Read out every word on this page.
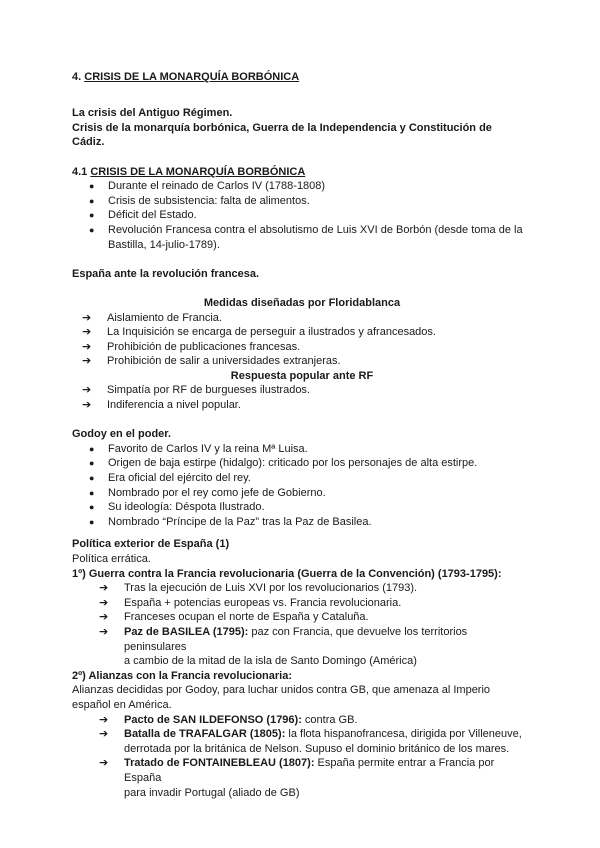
4. CRISIS DE LA MONARQUÍA BORBÓNICA
La crisis del Antiguo Régimen.
Crisis de la monarquía borbónica, Guerra de la Independencia y Constitución de
Cádiz.
4.1 CRISIS DE LA MONARQUÍA BORBÓNICA
● Durante el reinado de Carlos IV (1788-1808)
● Crisis de subsistencia: falta de alimentos.
● Déficit del Estado.
● Revolución Francesa contra el absolutismo de Luis XVI de Borbón (desde toma de la
Bastilla, 14-julio-1789).
España ante la revolución francesa.
Medidas diseñadas por Floridablanca
➔ Aislamiento de Francia.
➔ La Inquisición se encarga de perseguir a ilustrados y afrancesados.
➔ Prohibición de publicaciones francesas.
➔ Prohibición de salir a universidades extranjeras.
Respuesta popular ante RF
➔ Simpatía por RF de burgueses ilustrados.
➔ Indiferencia a nivel popular.
Godoy en el poder.
● Favorito de Carlos IV y la reina Mª Luisa.
● Origen de baja estirpe (hidalgo): criticado por los personajes de alta estirpe.
● Era oficial del ejército del rey.
● Nombrado por el rey como jefe de Gobierno.
● Su ideología: Déspota Ilustrado.
● Nombrado “Príncipe de la Paz” tras la Paz de Basilea.
Política exterior de España (1)
Política errática.
1º) Guerra contra la Francia revolucionaria (Guerra de la Convención) (1793-1795):
➔ Tras la ejecución de Luis XVI por los revolucionarios (1793).
➔ España + potencias europeas vs. Francia revolucionaria.
➔ Franceses ocupan el norte de España y Cataluña.
➔ Paz de BASILEA (1795): paz con Francia, que devuelve los territorios peninsulares
a cambio de la mitad de la isla de Santo Domingo (América)
2º) Alianzas con la Francia revolucionaria:
Alianzas decididas por Godoy, para luchar unidos contra GB, que amenaza al Imperio
español en América.
➔ Pacto de SAN ILDEFONSO (1796): contra GB.
➔ Batalla de TRAFALGAR (1805): la flota hispanofrancesa, dirigida por Villeneuve,
derrotada por la británica de Nelson. Supuso el dominio británico de los mares.
➔ Tratado de FONTAINEBLEAU (1807): España permite entrar a Francia por España
para invadir Portugal (aliado de GB)
